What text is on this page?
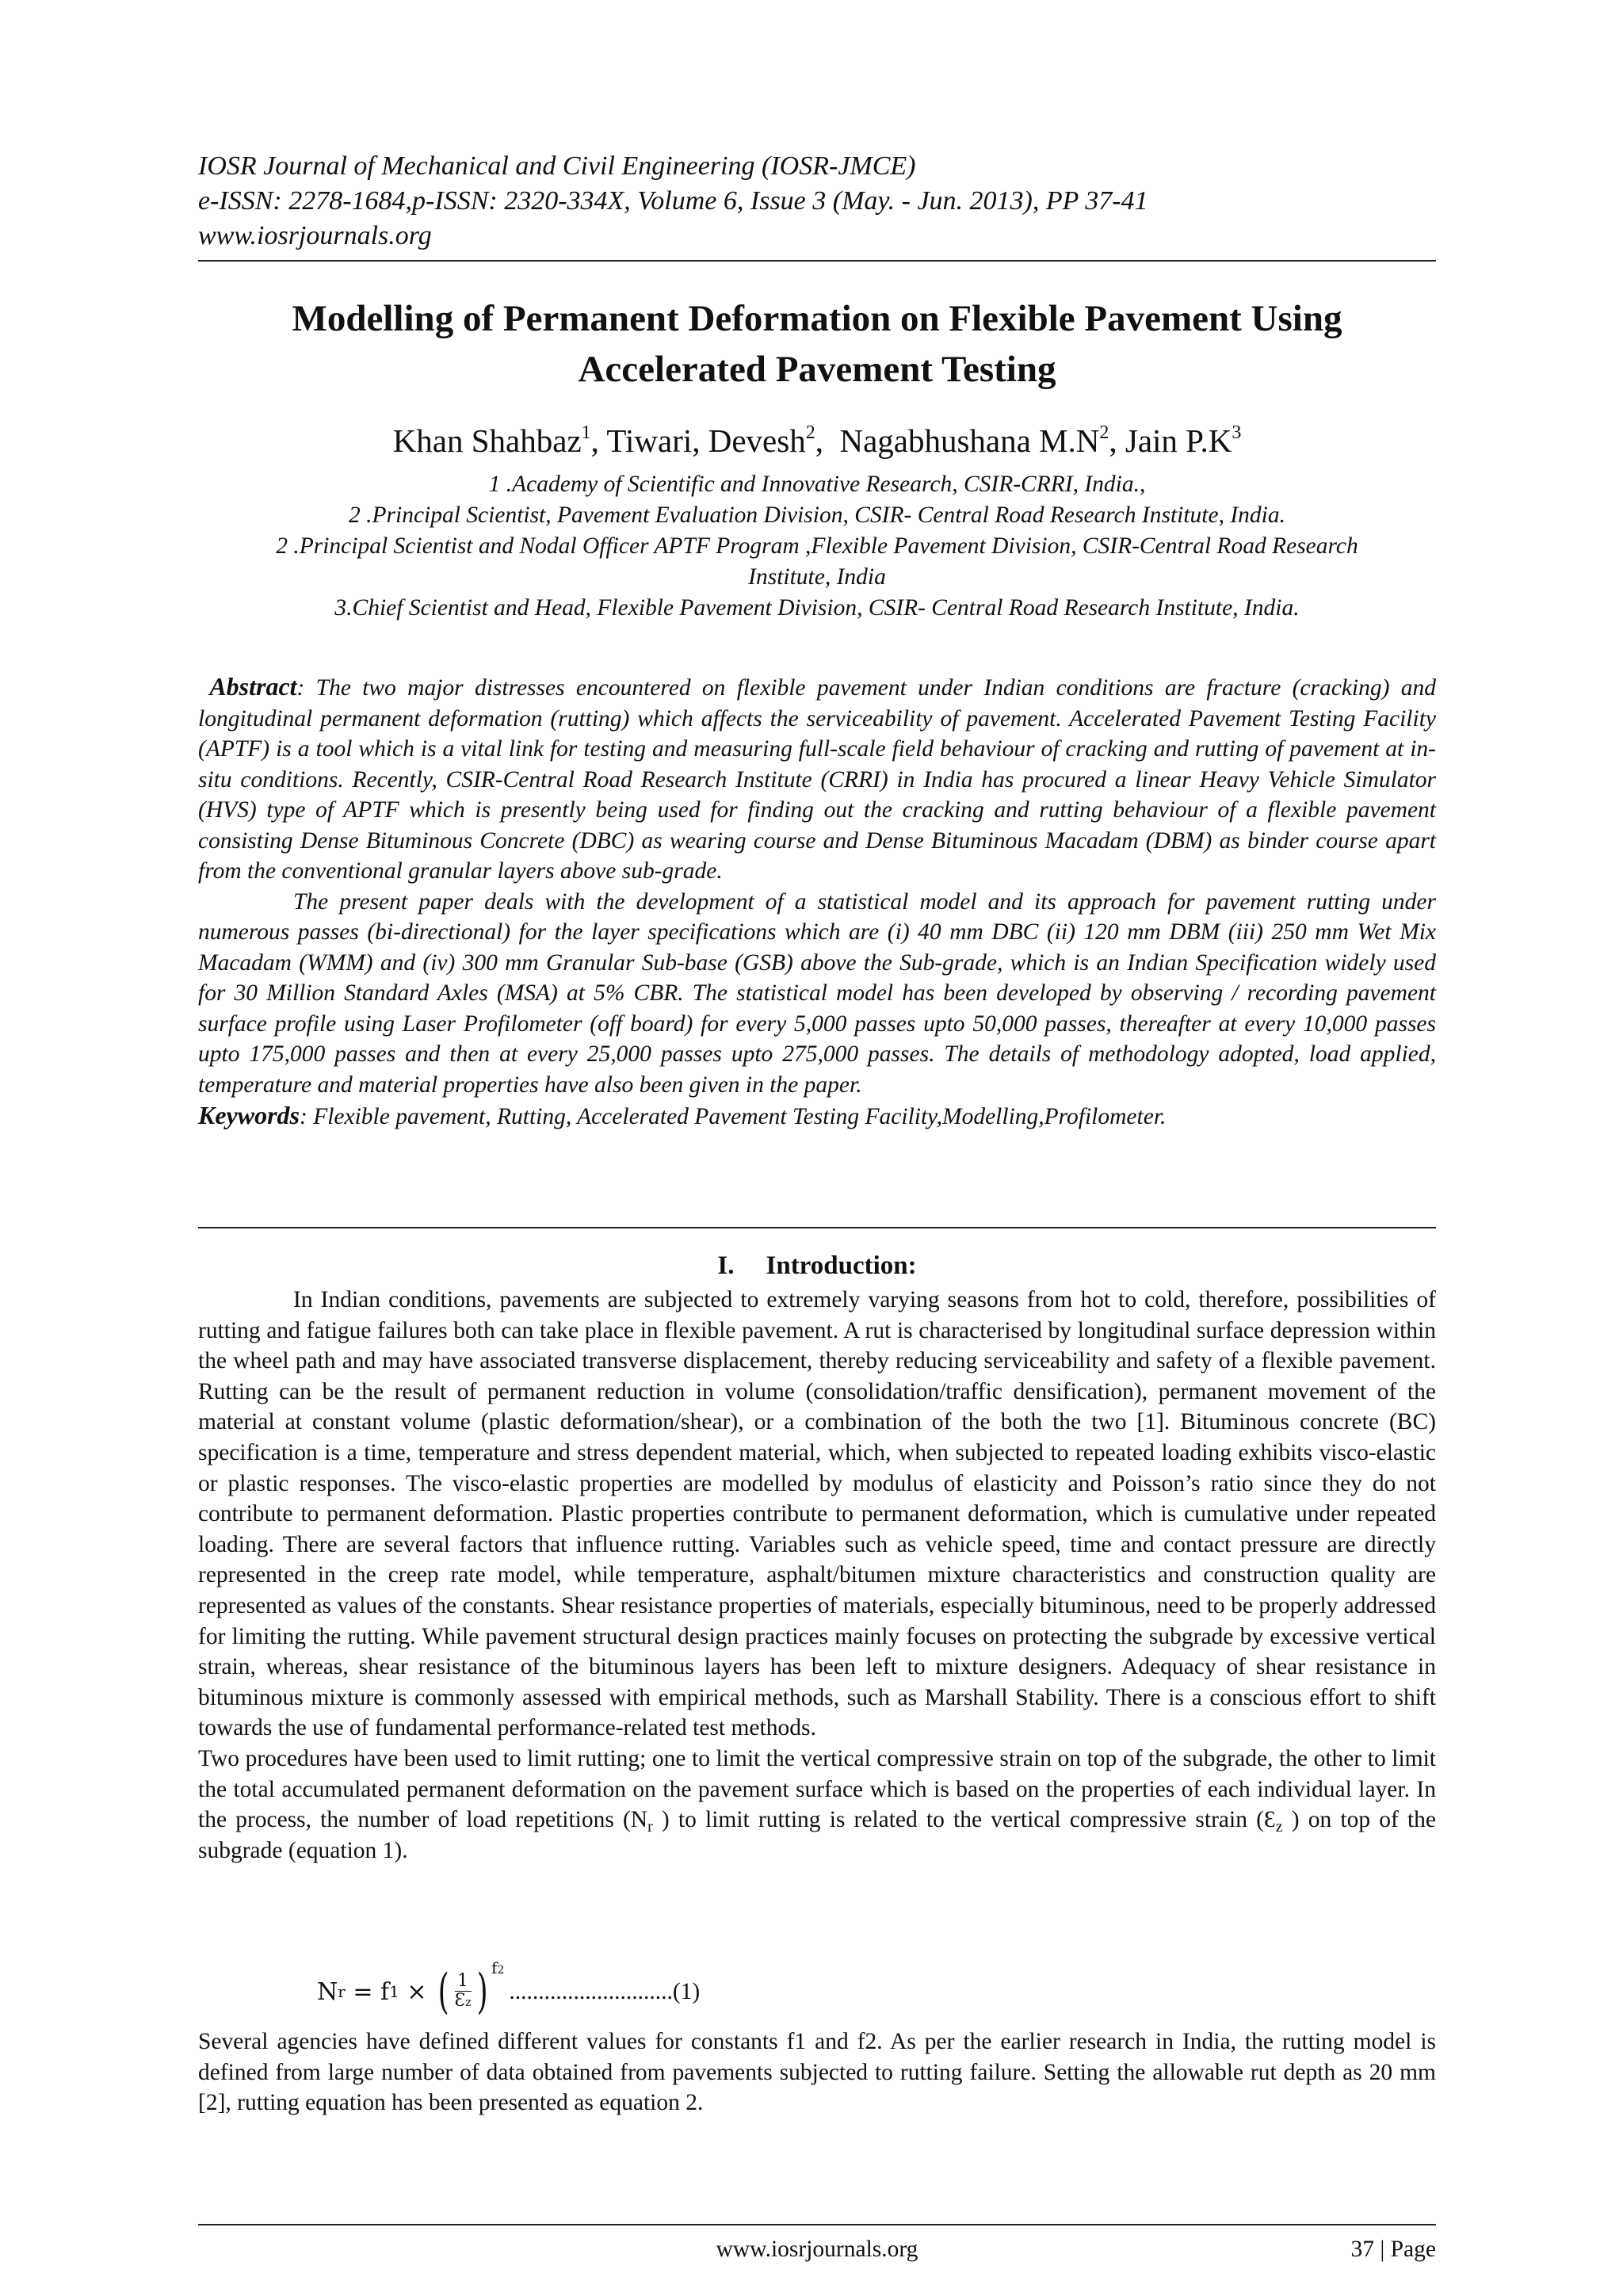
IOSR Journal of Mechanical and Civil Engineering (IOSR-JMCE)
e-ISSN: 2278-1684,p-ISSN: 2320-334X, Volume 6, Issue 3 (May. - Jun. 2013), PP 37-41
www.iosrjournals.org
Modelling of Permanent Deformation on Flexible Pavement Using
Accelerated Pavement Testing
Khan Shahbaz$^1$, Tiwari, Devesh$^2$,  Nagabhushana $M.N^2$, Jain $P.K^3$
1 .Academy of Scientific and Innovative Research, CSIR-CRRI, India.,
2 .Principal Scientist, Pavement Evaluation Division, CSIR- Central Road Research Institute, India.
2 .Principal Scientist and Nodal Officer APTF Program ,Flexible Pavement Division, CSIR-Central Road Research Institute, India
3.Chief Scientist and Head, Flexible Pavement Division, CSIR- Central Road Research Institute, India.

Abstract: The two major distresses encountered on flexible pavement under Indian conditions are fracture (cracking) and longitudinal permanent deformation (rutting) which affects the serviceability of pavement. Accelerated Pavement Testing Facility (APTF) is a tool which is a vital link for testing and measuring full-scale field behaviour of cracking and rutting of pavement at in-situ conditions. Recently, CSIR-Central Road Research Institute (CRRI) in India has procured a linear Heavy Vehicle Simulator (HVS) type of APTF which is presently being used for finding out the cracking and rutting behaviour of a flexible pavement consisting Dense Bituminous Concrete (DBC) as wearing course and Dense Bituminous Macadam (DBM) as binder course apart from the conventional granular layers above sub-grade.

The present paper deals with the development of a statistical model and its approach for pavement rutting under numerous passes (bi-directional) for the layer specifications which are (i) 40 mm DBC (ii) 120 mm DBM (iii) 250 mm Wet Mix Macadam (WMM) and (iv) 300 mm Granular Sub-base (GSB) above the Sub-grade, which is an Indian Specification widely used for 30 Million Standard Axles (MSA) at 5% CBR. The statistical model has been developed by observing / recording pavement surface profile using Laser Profilometer (off board) for every 5,000 passes upto 50,000 passes, thereafter at every 10,000 passes upto 175,000 passes and then at every 25,000 passes upto 275,000 passes. The details of methodology adopted, load applied, temperature and material properties have also been given in the paper.

Keywords: Flexible pavement, Rutting, Accelerated Pavement Testing Facility,Modelling,Profilometer.

I. Introduction:

In Indian conditions, pavements are subjected to extremely varying seasons from hot to cold, therefore, possibilities of rutting and fatigue failures both can take place in flexible pavement. A rut is characterised by longitudinal surface depression within the wheel path and may have associated transverse displacement, thereby reducing serviceability and safety of a flexible pavement. Rutting can be the result of permanent reduction in volume (consolidation/traffic densification), permanent movement of the material at constant volume (plastic deformation/shear), or a combination of the both the two [1]. Bituminous concrete (BC) specification is a time, temperature and stress dependent material, which, when subjected to repeated loading exhibits visco-elastic or plastic responses. The visco-elastic properties are modelled by modulus of elasticity and Poisson’s ratio since they do not contribute to permanent deformation. Plastic properties contribute to permanent deformation, which is cumulative under repeated loading. There are several factors that influence rutting. Variables such as vehicle speed, time and contact pressure are directly represented in the creep rate model, while temperature, asphalt/bitumen mixture characteristics and construction quality are represented as values of the constants. Shear resistance properties of materials, especially bituminous, need to be properly addressed for limiting the rutting. While pavement structural design practices mainly focuses on protecting the subgrade by excessive vertical strain, whereas, shear resistance of the bituminous layers has been left to mixture designers. Adequacy of shear resistance in bituminous mixture is commonly assessed with empirical methods, such as Marshall Stability. There is a conscious effort to shift towards the use of fundamental performance-related test methods.

Two procedures have been used to limit rutting; one to limit the vertical compressive strain on top of the subgrade, the other to limit the total accumulated permanent deformation on the pavement surface which is based on the properties of each individual layer. In the process, the number of load repetitions ($N_r$ ) to limit rutting is related to the vertical compressive strain ($Ɛ_z$ ) on top of the subgrade (equation 1).

N r = f 1 × ( $\frac{1}{Ɛz}$ ) f2
............................(1)

Several agencies have defined different values for constants f1 and f2. As per the earlier research in India, the rutting model is defined from large number of data obtained from pavements subjected to rutting failure. Setting the allowable rut depth as 20 mm [2], rutting equation has been presented as equation 2.

www.iosrjournals.org	37 | Page
